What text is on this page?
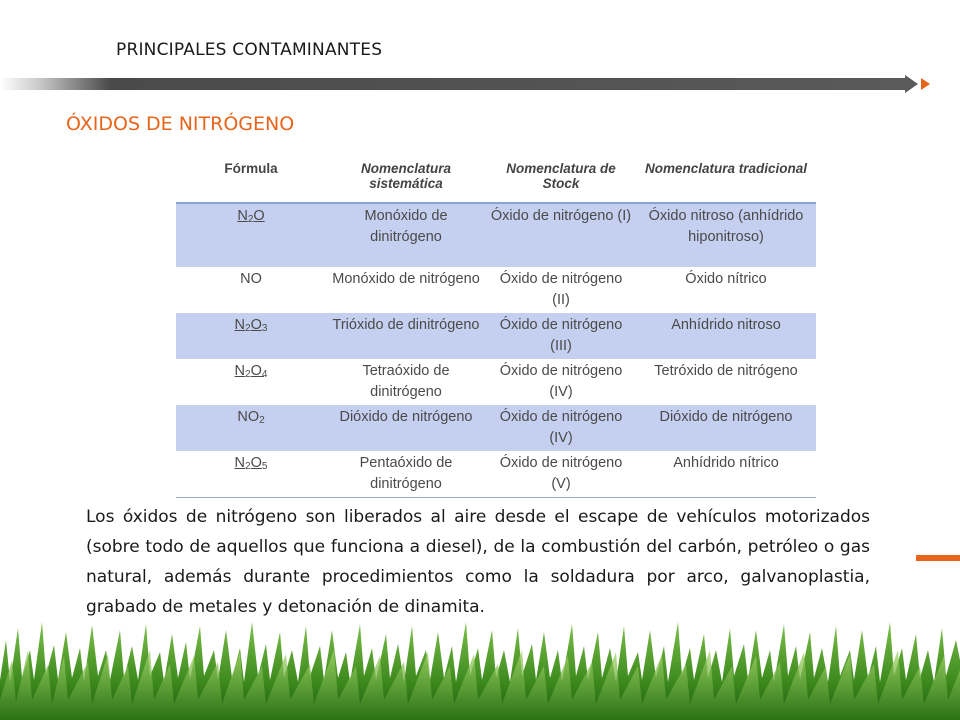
PRINCIPALES CONTAMINANTES
ÓXIDOS DE NITRÓGENO
Fórmula	Nomenclatura sistemática	Nomenclatura de Stock	Nomenclatura tradicional
$N_2O$	Monóxido de dinitrógeno	Óxido de nitrógeno (I)	Óxido nitroso (anhídrido hiponitroso)
NO	Monóxido de nitrógeno	Óxido de nitrógeno (II)	Óxido nítrico
$N_2O_3$	Trióxido de dinitrógeno	Óxido de nitrógeno (III)	Anhídrido nitroso
$N_2O_4$	Tetraóxido de dinitrógeno	Óxido de nitrógeno (IV)	Tetróxido de nitrógeno
$NO_2$	Dióxido de nitrógeno	Óxido de nitrógeno (IV)	Dióxido de nitrógeno
$N_2O_5$	Pentaóxido de dinitrógeno	Óxido de nitrógeno (V)	Anhídrido nítrico
Los óxidos de nitrógeno son liberados al aire desde el escape de vehículos motorizados (sobre todo de aquellos que funciona a diesel), de la combustión del carbón, petróleo o gas natural, además durante procedimientos como la soldadura por arco, galvanoplastia, grabado de metales y detonación de dinamita.
